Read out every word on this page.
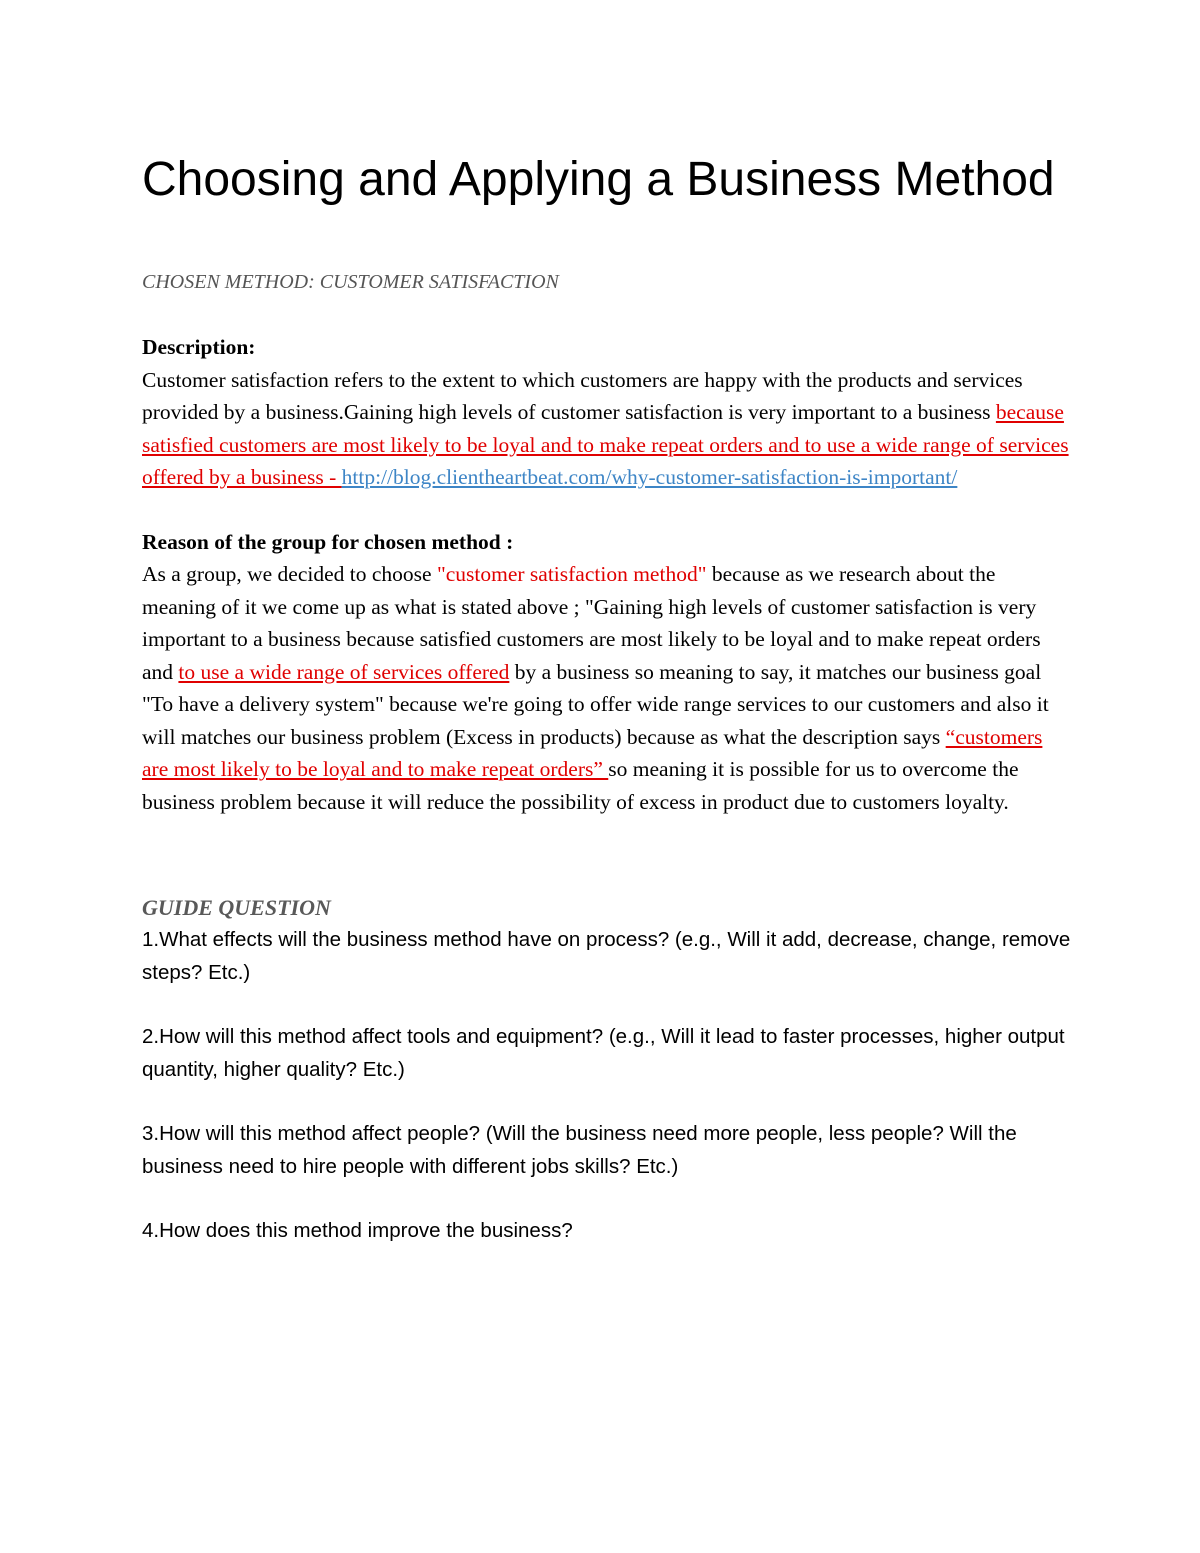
Choosing and Applying a Business Method
CHOSEN METHOD: CUSTOMER SATISFACTION
Description:
Customer satisfaction refers to the extent to which customers are happy with the products and services provided by a business.Gaining high levels of customer satisfaction is very important to a business because satisfied customers are most likely to be loyal and to make repeat orders and to use a wide range of services offered by a business - http://blog.clientheartbeat.com/why-customer-satisfaction-is-important/
Reason of the group for chosen method :
As a group, we decided to choose "customer satisfaction method" because as we research about the meaning of it we come up as what is stated above ; "Gaining high levels of customer satisfaction is very important to a business because satisfied customers are most likely to be loyal and to make repeat orders and to use a wide range of services offered by a business so meaning to say, it matches our business goal "To have a delivery system" because we're going to offer wide range services to our customers and also it will matches our business problem (Excess in products) because as what the description says “customers are most likely to be loyal and to make repeat orders” so meaning it is possible for us to overcome the business problem because it will reduce the possibility of excess in product due to customers loyalty.
GUIDE QUESTION

1.What effects will the business method have on process? (e.g., Will it add, decrease, change, remove steps? Etc.)

2.How will this method affect tools and equipment? (e.g., Will it lead to faster processes, higher output quantity, higher quality? Etc.)

3.How will this method affect people? (Will the business need more people, less people? Will the business need to hire people with different jobs skills? Etc.)

4.How does this method improve the business?
